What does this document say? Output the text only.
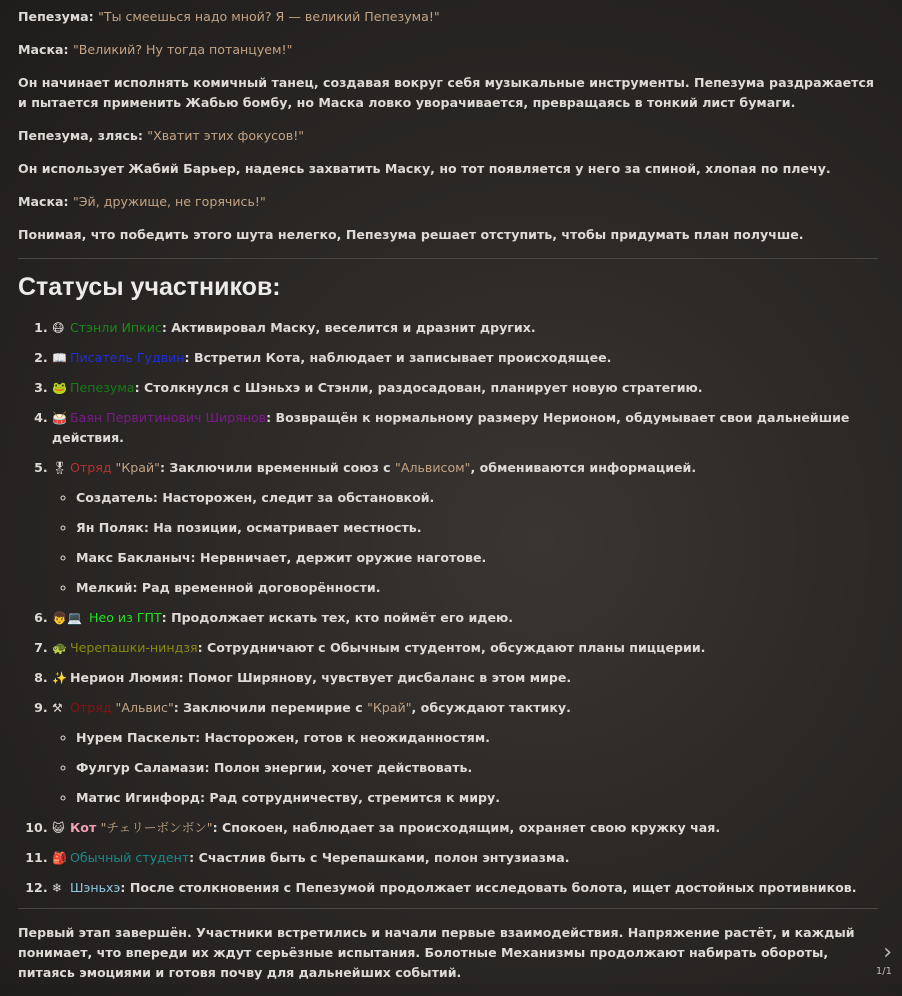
Пепезума: "Ты смеешься надо мной? Я — великий Пепезума!"

Маска: "Великий? Ну тогда потанцуем!"

Он начинает исполнять комичный танец, создавая вокруг себя музыкальные инструменты. Пепезума раздражается и пытается применить Жабью бомбу, но Маска ловко уворачивается, превращаясь в тонкий лист бумаги.

Пепезума, злясь: "Хватит этих фокусов!"

Он использует Жабий Барьер, надеясь захватить Маску, но тот появляется у него за спиной, хлопая по плечу.

Маска: "Эй, дружище, не горячись!"

Понимая, что победить этого шута нелегко, Пепезума решает отступить, чтобы придумать план получше.

Статусы участников:
1. 😷 Стэнли Ипкис: Активировал Маску, веселится и дразнит других.
2. 📖 Писатель Гудвин: Встретил Кота, наблюдает и записывает происходящее.
3. 🐸 Пепезума: Столкнулся с Шэньхэ и Стэнли, раздосадован, планирует новую стратегию.
4. 🥁 Баян Первитинович Ширянов: Возвращён к нормальному размеру Нерионом, обдумывает свои дальнейшие действия.
5. 🎖 Отряд "Край": Заключили временный союз с "Альвисом", обмениваются информацией.
◦ Создатель: Насторожен, следит за обстановкой.
◦ Ян Поляк: На позиции, осматривает местность.
◦ Макс Бакланыч: Нервничает, держит оружие наготове.
◦ Мелкий: Рад временной договорённости.
6. 👦💻 Нео из ГПТ: Продолжает искать тех, кто поймёт его идею.
7. 🐢 Черепашки-ниндзя: Сотрудничают с Обычным студентом, обсуждают планы пиццерии.
8. ✨ Нерион Люмия: Помог Ширянову, чувствует дисбаланс в этом мире.
9. ⚒ Отряд "Альвис": Заключили перемирие с "Край", обсуждают тактику.
◦ Нурем Паскельт: Насторожен, готов к неожиданностям.
◦ Фулгур Саламази: Полон энергии, хочет действовать.
◦ Матис Игинфорд: Рад сотрудничеству, стремится к миру.
10. 😺 Кот "チェリーボンボン": Спокоен, наблюдает за происходящим, охраняет свою кружку чая.
11. 🎒 Обычный студент: Счастлив быть с Черепашками, полон энтузиазма.
12. ❄ Шэньхэ: После столкновения с Пепезумой продолжает исследовать болота, ищет достойных противников.

Первый этап завершён. Участники встретились и начали первые взаимодействия. Напряжение растёт, и каждый понимает, что впереди их ждут серьёзные испытания. Болотные Механизмы продолжают набирать обороты, питаясь эмоциями и готовя почву для дальнейших событий.

›
1/1
